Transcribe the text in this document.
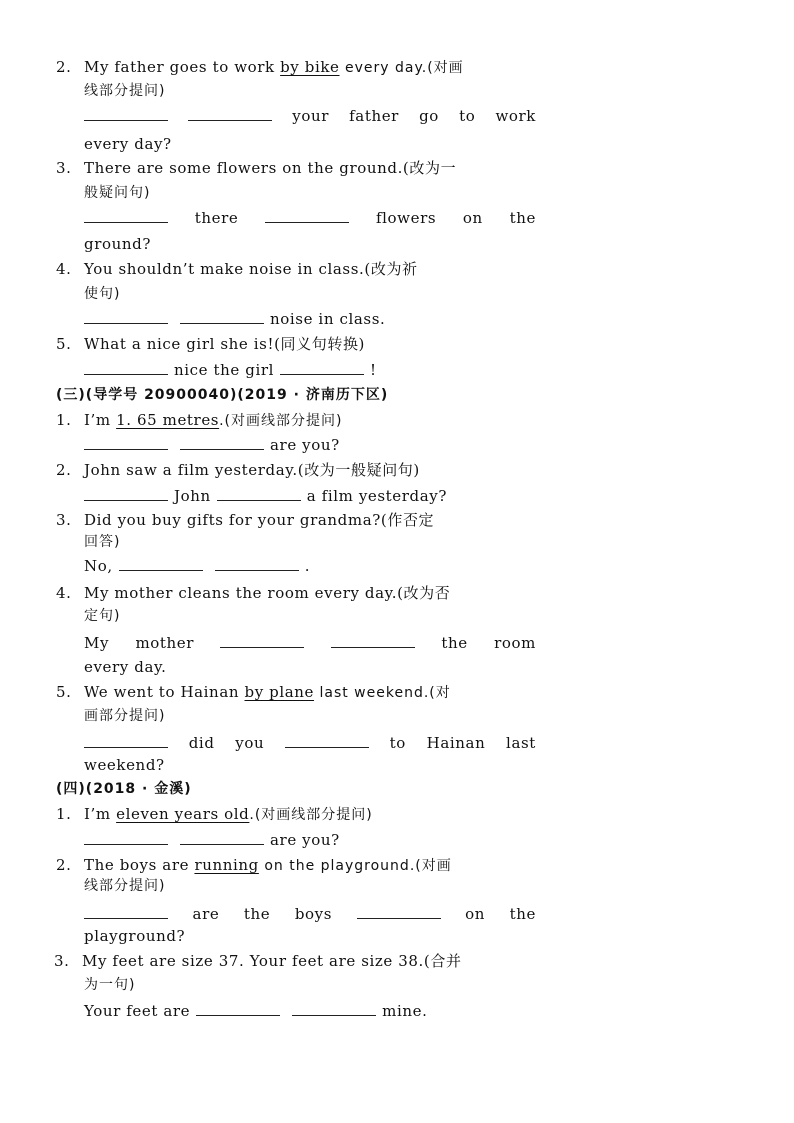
2. My father goes to work by bike every day.(对画
线部分提问)
your father go to work
every day?
3. There are some flowers on the ground.(改为一
般疑问句)
there	flowers on the
ground?
4. You shouldn’t make noise in class.(改为祈
使句)
noise in class.
5. What a nice girl she is!(同义句转换)
nice the girl	!
(三)(导学号 20900040)(2019 · 济南历下区)
1. I’m 1. 65 metres.(对画线部分提问)
are you?
2. John saw a film yesterday.(改为一般疑问句)
John	a film yesterday?
3. Did you buy gifts for your grandma?(作否定
回答)
No,	.
4. My mother cleans the room every day.(改为否
定句)
My mother	the room
every day.
5. We went to Hainan by plane last weekend.(对
画部分提问)
did you	to Hainan last
weekend?
(四)(2018 · 金溪)
1. I’m eleven years old.(对画线部分提问)
are you?
2. The boys are running on the playground.(对画
线部分提问)
are the boys	on the
playground?
3. My feet are size 37. Your feet are size 38.(合并
为一句)
Your feet are	mine.
